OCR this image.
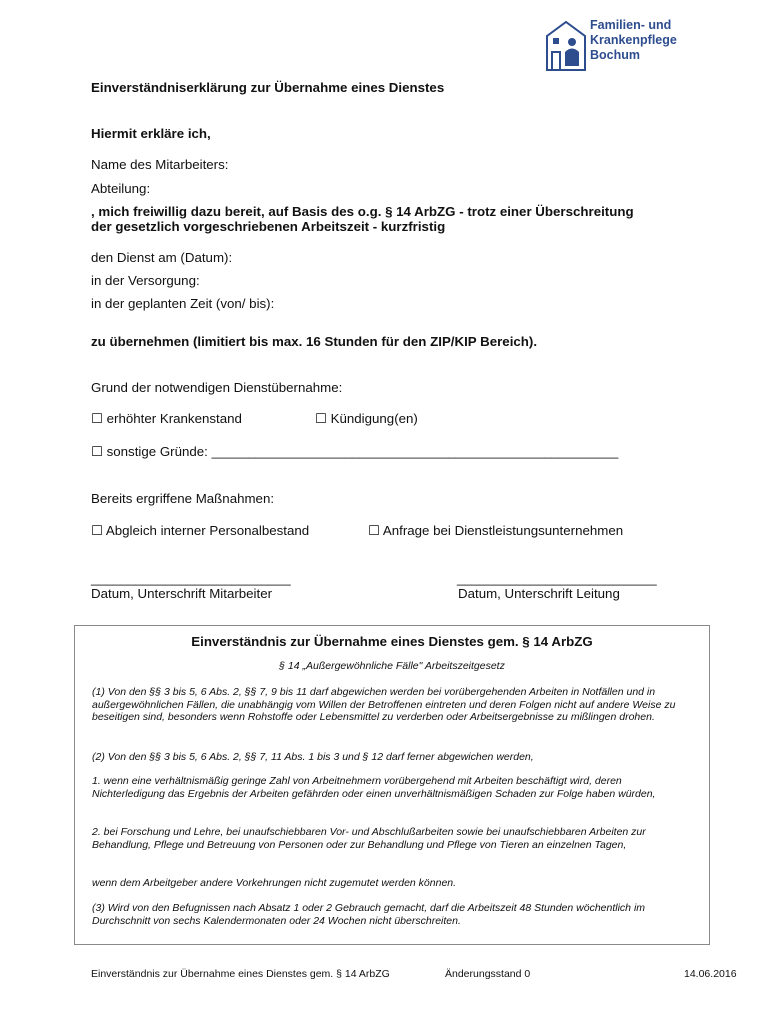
Familien- und
Krankenpflege
Bochum
Einverständniserklärung zur Übernahme eines Dienstes
Hiermit erkläre ich,
Name des Mitarbeiters:
Abteilung:
, mich freiwillig dazu bereit, auf Basis des o.g. § 14 ArbZG - trotz einer Überschreitung
der gesetzlich vorgeschriebenen Arbeitszeit - kurzfristig
den Dienst am (Datum):
in der Versorgung:
in der geplanten Zeit (von/ bis):
zu übernehmen (limitiert bis max. 16 Stunden für den ZIP/KIP Bereich).
Grund der notwendigen Dienstübernahme:
☐ erhöhter Krankenstand	☐ Kündigung(en)
☐ sonstige Gründe: _______________________________________________________
Bereits ergriffene Maßnahmen:
☐ Abgleich interner Personalbestand	☐ Anfrage bei Dienstleistungsunternehmen
___________________________
Datum, Unterschrift Mitarbeiter
___________________________
Datum, Unterschrift Leitung
Einverständnis zur Übernahme eines Dienstes gem. § 14 ArbZG
§ 14 „Außergewöhnliche Fälle" Arbeitszeitgesetz
(1) Von den §§ 3 bis 5, 6 Abs. 2, §§ 7, 9 bis 11 darf abgewichen werden bei vorübergehenden Arbeiten in Notfällen und in außergewöhnlichen Fällen, die unabhängig vom Willen der Betroffenen eintreten und deren Folgen nicht auf andere Weise zu beseitigen sind, besonders wenn Rohstoffe oder Lebensmittel zu verderben oder Arbeitsergebnisse zu mißlingen drohen.
(2) Von den §§ 3 bis 5, 6 Abs. 2, §§ 7, 11 Abs. 1 bis 3 und § 12 darf ferner abgewichen werden,
1. wenn eine verhältnismäßig geringe Zahl von Arbeitnehmern vorübergehend mit Arbeiten beschäftigt wird, deren Nichterledigung das Ergebnis der Arbeiten gefährden oder einen unverhältnismäßigen Schaden zur Folge haben würden,
2. bei Forschung und Lehre, bei unaufschiebbaren Vor- und Abschlußarbeiten sowie bei unaufschiebbaren Arbeiten zur Behandlung, Pflege und Betreuung von Personen oder zur Behandlung und Pflege von Tieren an einzelnen Tagen,
wenn dem Arbeitgeber andere Vorkehrungen nicht zugemutet werden können.
(3) Wird von den Befugnissen nach Absatz 1 oder 2 Gebrauch gemacht, darf die Arbeitszeit 48 Stunden wöchentlich im Durchschnitt von sechs Kalendermonaten oder 24 Wochen nicht überschreiten.
Einverständnis zur Übernahme eines Dienstes gem. § 14 ArbZG	Änderungsstand 0	14.06.2016
